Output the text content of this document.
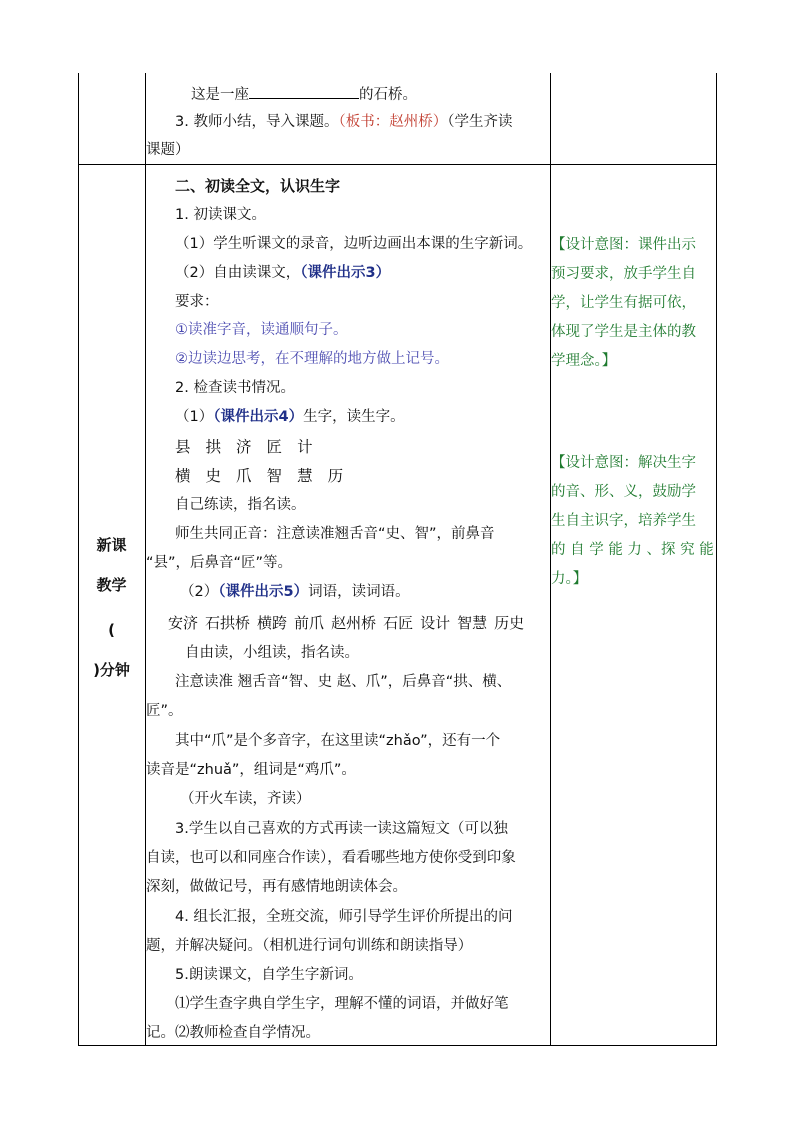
这是一座	的石桥。
3. 教师小结，导入课题。（板书：赵州桥）（学生齐读
课题）
新课
教学
(
)分钟
二、初读全文，认识生字
1. 初读课文。
（1）学生听课文的录音，边听边画出本课的生字新词。
（2）自由读课文，（课件出示3）
要求：
①读准字音，读通顺句子。
②边读边思考，在不理解的地方做上记号。
2. 检查读书情况。
（1）（课件出示4）生字，读生字。
县 拱 济 匠 计
横 史 爪 智 慧 历
自己练读，指名读。
师生共同正音：注意读准翘舌音“史、智”，前鼻音
“县”，后鼻音“匠”等。
（2）（课件出示5）词语，读词语。
安济 石拱桥 横跨 前爪 赵州桥 石匠 设计 智慧 历史
自由读，小组读，指名读。
注意读准 翘舌音“智、史 赵、爪”，后鼻音“拱、横、
匠”。
其中“爪”是个多音字，在这里读“zhǎo”，还有一个
读音是“zhuǎ”，组词是“鸡爪”。
（开火车读，齐读）
3.学生以自己喜欢的方式再读一读这篇短文（可以独
自读，也可以和同座合作读），看看哪些地方使你受到印象
深刻，做做记号，再有感情地朗读体会。
4. 组长汇报，全班交流，师引导学生评价所提出的问
题，并解决疑问。（相机进行词句训练和朗读指导）
5.朗读课文，自学生字新词。
⑴学生查字典自学生字，理解不懂的词语，并做好笔
记。⑵教师检查自学情况。
【设计意图：课件出示
预习要求，放手学生自
学，让学生有据可依，
体现了学生是主体的教
学理念。】
【设计意图：解决生字
的音、形、义，鼓励学
生自主识字，培养学生
的 自 学 能 力 、探 究 能
力。】
